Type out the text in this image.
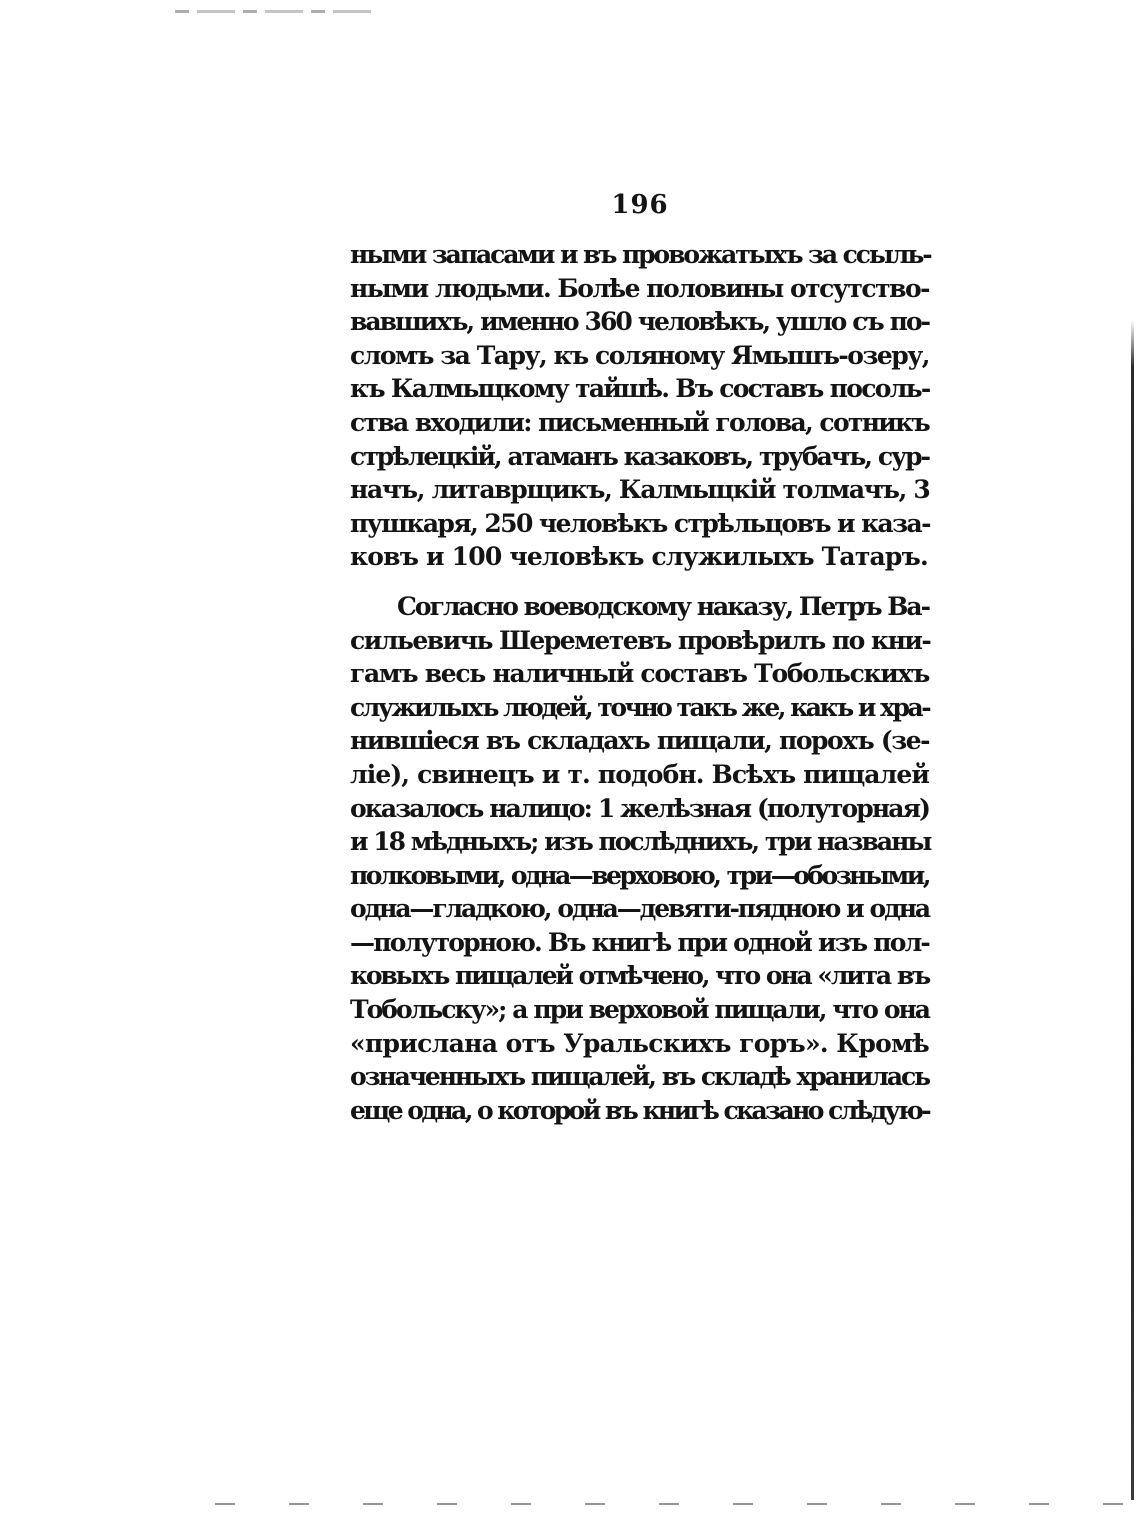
196
ными запасами и въ провожатыхъ за ссыль-
ными людьми. Болѣе половины отсутство-
вавшихъ, именно 360 человѣкъ, ушло съ по-
сломъ за Тару, къ соляному Ямышъ-озеру,
къ Калмыцкому тайшѣ. Въ составъ посоль-
ства входили: письменный голова, сотникъ
стрѣлецкій, атаманъ казаковъ, трубачъ, сур-
начъ, литаврщикъ, Калмыцкій толмачъ, 3
пушкаря, 250 человѣкъ стрѣльцовъ и каза-
ковъ и 100 человѣкъ служилыхъ Татаръ.
Согласно воеводскому наказу, Петръ Ва-
сильевичь Шереметевъ провѣрилъ по кни-
гамъ весь наличный составъ Тобольскихъ
служилыхъ людей, точно такъ же, какъ и хра-
нившіеся въ складахъ пищали, порохъ (зе-
ліе), свинецъ и т. подобн. Всѣхъ пищалей
оказалось налицо: 1 желѣзная (полуторная)
и 18 мѣдныхъ; изъ послѣднихъ, три названы
полковыми, одна—верховою, три—обозными,
одна—гладкою, одна—девяти-пядною и одна
—полуторною. Въ книгѣ при одной изъ пол-
ковыхъ пищалей отмѣчено, что она «лита въ
Тобольску»; а при верховой пищали, что она
«прислана отъ Уральскихъ горъ». Кромѣ
означенныхъ пищалей, въ складѣ хранилась
еще одна, о которой въ книгѣ сказано слѣдую-
